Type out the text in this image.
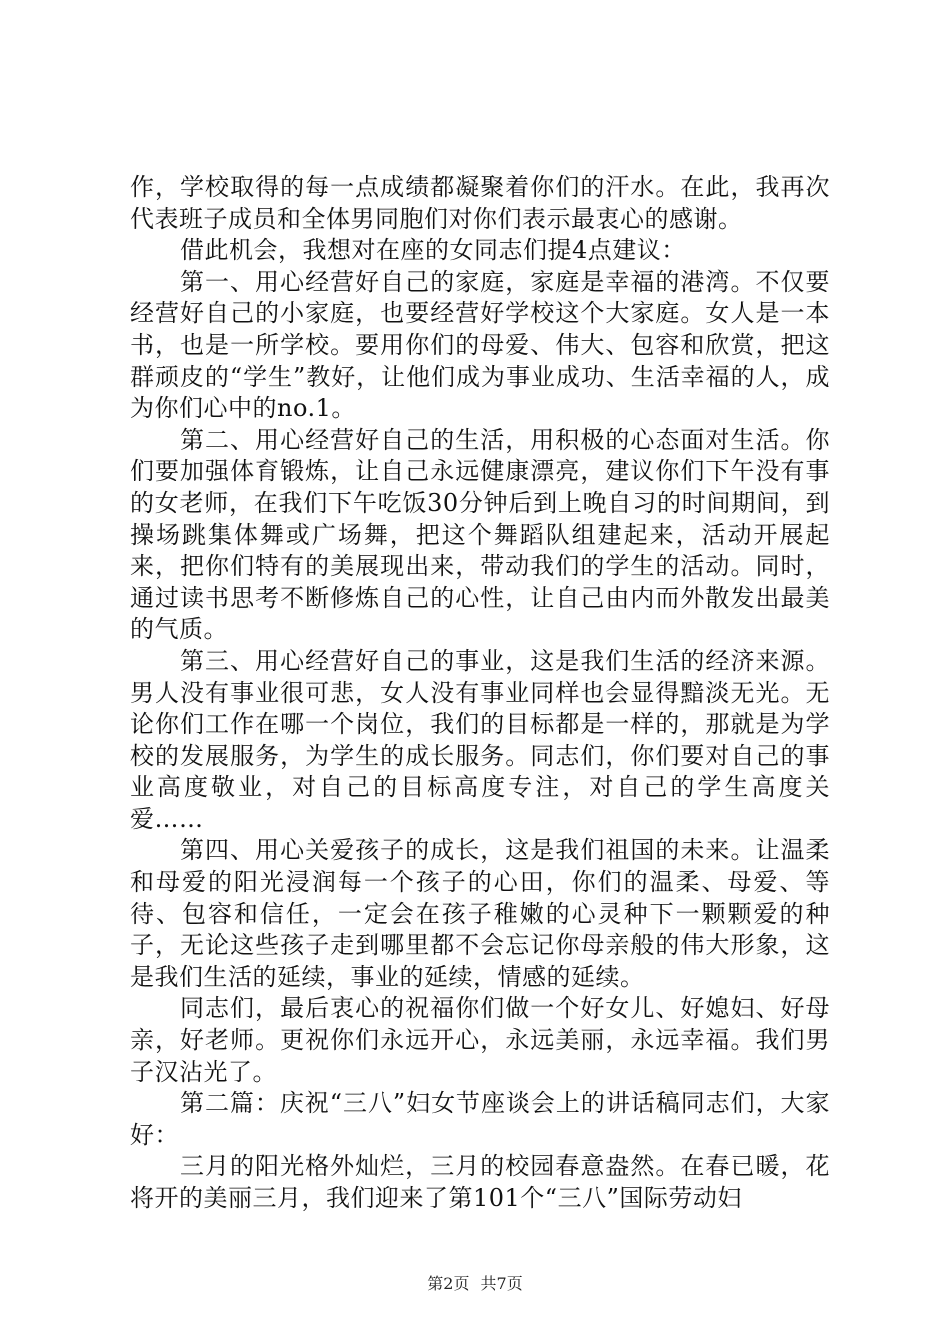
作，学校取得的每一点成绩都凝聚着你们的汗水。在此，我再次代表班子成员和全体男同胞们对你们表示最衷心的感谢。

借此机会，我想对在座的女同志们提4点建议：

第一、用心经营好自己的家庭，家庭是幸福的港湾。不仅要经营好自己的小家庭，也要经营好学校这个大家庭。女人是一本书，也是一所学校。要用你们的母爱、伟大、包容和欣赏，把这群顽皮的“学生”教好，让他们成为事业成功、生活幸福的人，成为你们心中的no.1。

第二、用心经营好自己的生活，用积极的心态面对生活。你们要加强体育锻炼，让自己永远健康漂亮，建议你们下午没有事的女老师，在我们下午吃饭30分钟后到上晚自习的时间期间，到操场跳集体舞或广场舞，把这个舞蹈队组建起来，活动开展起来，把你们特有的美展现出来，带动我们的学生的活动。同时，通过读书思考不断修炼自己的心性，让自己由内而外散发出最美的气质。

第三、用心经营好自己的事业，这是我们生活的经济来源。男人没有事业很可悲，女人没有事业同样也会显得黯淡无光。无论你们工作在哪一个岗位，我们的目标都是一样的，那就是为学校的发展服务，为学生的成长服务。同志们，你们要对自己的事业高度敬业，对自己的目标高度专注，对自己的学生高度关爱……

第四、用心关爱孩子的成长，这是我们祖国的未来。让温柔和母爱的阳光浸润每一个孩子的心田，你们的温柔、母爱、等待、包容和信任，一定会在孩子稚嫩的心灵种下一颗颗爱的种子，无论这些孩子走到哪里都不会忘记你母亲般的伟大形象，这是我们生活的延续，事业的延续，情感的延续。

同志们，最后衷心的祝福你们做一个好女儿、好媳妇、好母亲，好老师。更祝你们永远开心，永远美丽，永远幸福。我们男子汉沾光了。

第二篇：庆祝“三八”妇女节座谈会上的讲话稿同志们，大家好：

三月的阳光格外灿烂，三月的校园春意盎然。在春已暖，花将开的美丽三月，我们迎来了第101个“三八”国际劳动妇

第2页 共7页
